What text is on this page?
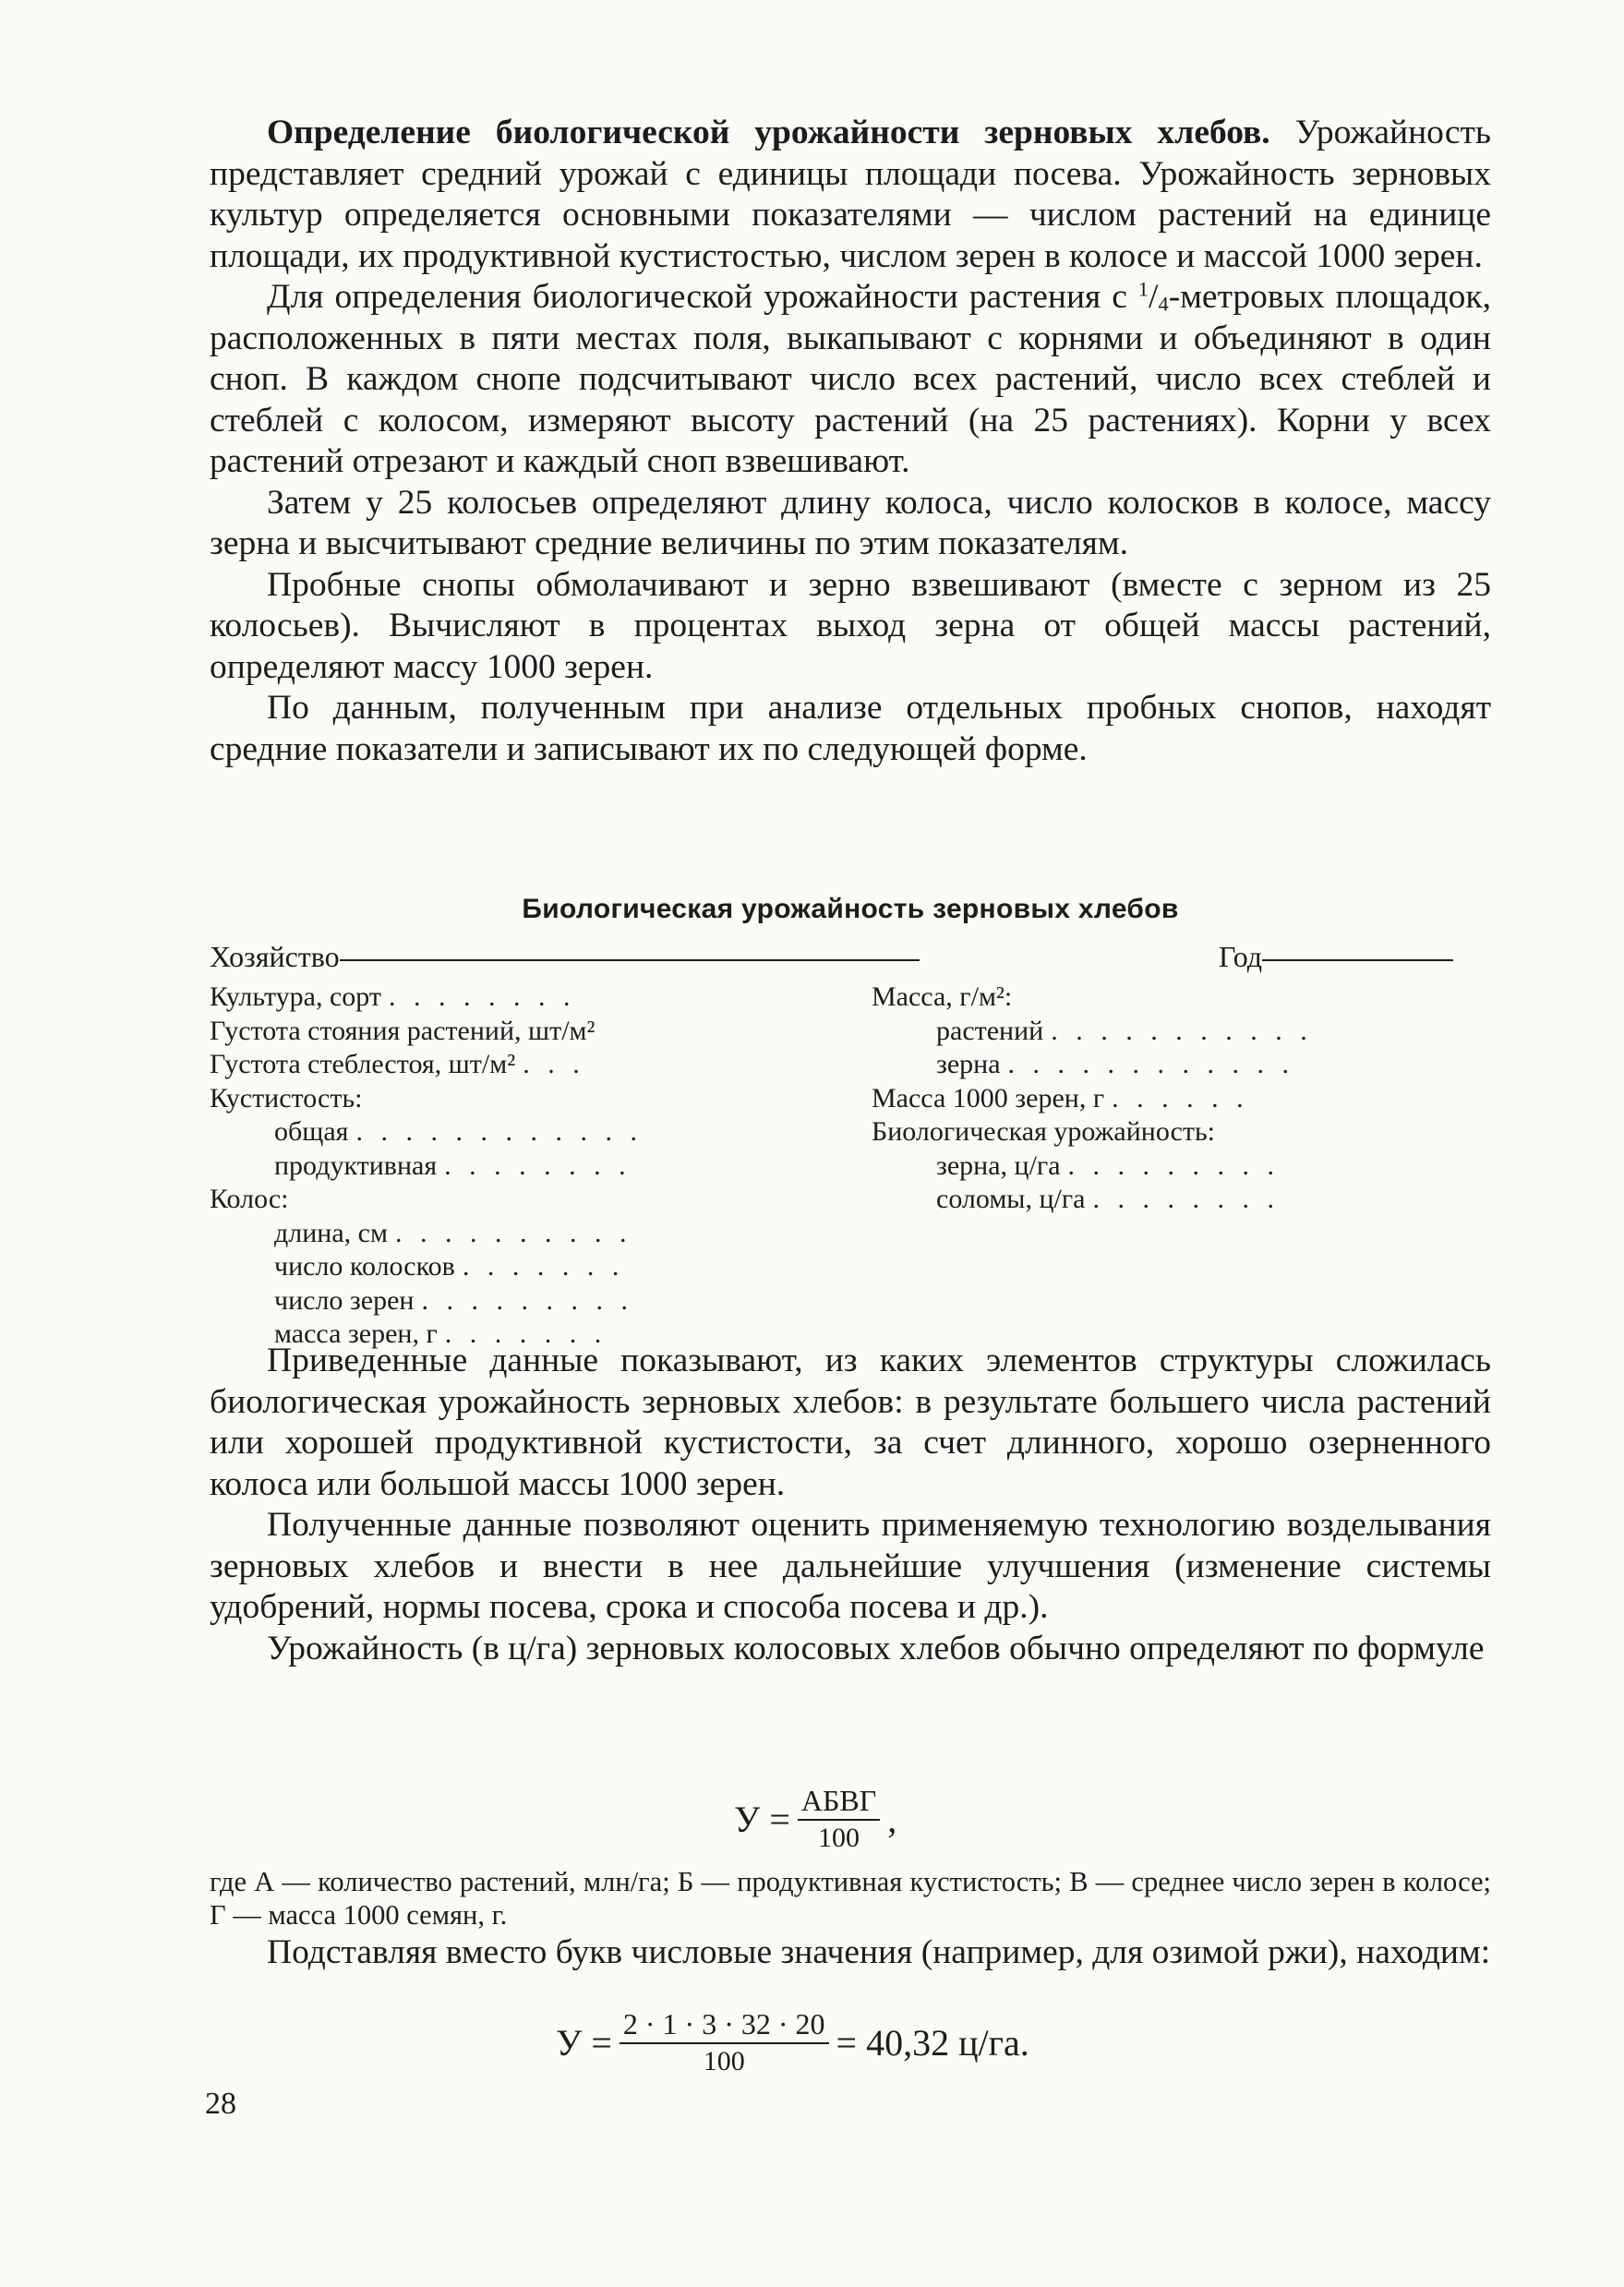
Определение биологической урожайности зерновых хлебов. Урожайность представляет средний урожай с единицы площади посева. Урожайность зерновых культур определяется основными показателями — числом растений на единице площади, их продуктивной кустистостью, числом зерен в колосе и массой 1000 зерен.

Для определения биологической урожайности растения с $^1$/4-метровых площадок, расположенных в пяти местах поля, выкапывают с корнями и объединяют в один сноп. В каждом снопе подсчитывают число всех растений, число всех стеблей и стеблей с колосом, измеряют высоту растений (на 25 растениях). Корни у всех растений отрезают и каждый сноп взвешивают.

Затем у 25 колосьев определяют длину колоса, число колосков в колосе, массу зерна и высчитывают средние величины по этим показателям.

Пробные снопы обмолачивают и зерно взвешивают (вместе с зерном из 25 колосьев). Вычисляют в процентах выход зерна от общей массы растений, определяют массу 1000 зерен.

По данным, полученным при анализе отдельных пробных снопов, находят средние показатели и записывают их по следующей форме.

Биологическая урожайность зерновых хлебов
Хозяйство	Год
Культура, сорт . . . . . . . .
Густота стояния растений, шт/м²
Густота стеблестоя, шт/м² . . .
Кустистость:
общая . . . . . . . . . . . .
продуктивная . . . . . . . .
Колос:
длина, см . . . . . . . . . .
число колосков . . . . . . .
число зерен . . . . . . . . .
масса зерен, г . . . . . . .
Масса, г/м²:
растений . . . . . . . . . . .
зерна . . . . . . . . . . . .
Масса 1000 зерен, г . . . . . .
Биологическая урожайность:
зерна, ц/га . . . . . . . . .
соломы, ц/га . . . . . . . .

Приведенные данные показывают, из каких элементов структуры сложилась биологическая урожайность зерновых хлебов: в результате большего числа растений или хорошей продуктивной кустистости, за счет длинного, хорошо озерненного колоса или большой массы 1000 зерен.

Полученные данные позволяют оценить применяемую технологию возделывания зерновых хлебов и внести в нее дальнейшие улучшения (изменение системы удобрений, нормы посева, срока и способа посева и др.).

Урожайность (в ц/га) зерновых колосовых хлебов обычно определяют по формуле

$У = \frac{\text{АБВГ}}{100}$ ,

где А — количество растений, млн/га; Б — продуктивная кустистость; В — среднее число зерен в колосе; Г — масса 1000 семян, г.

Подставляя вместо букв числовые значения (например, для озимой ржи), находим:

$У = \frac{2 \cdot 1 \cdot 3 \cdot 32 \cdot 20}{100} = 40,32$ ц/га.
28
